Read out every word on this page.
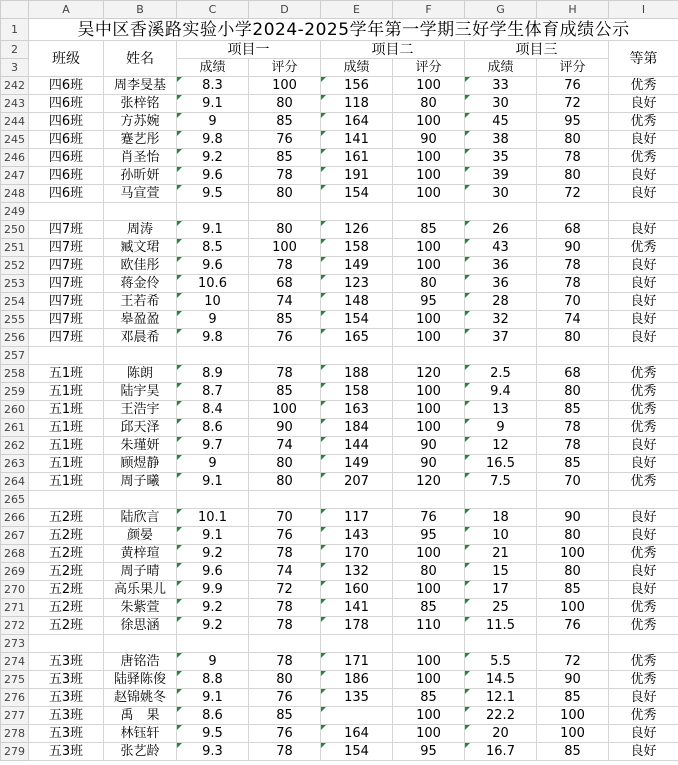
	A	B	C	D	E	F	G	H	I
1	吴中区香溪路实验小学2024-2025学年第一学期三好学生体育成绩公示								
2	班级	姓名	项目一		项目二		项目三		等第
3			成绩	评分	成绩	评分	成绩	评分	
242	四6班	周李旻基	8.3	100	156	100	33	76	优秀
243	四6班	张梓铭	9.1	80	118	80	30	72	良好
244	四6班	方苏婉	9	85	164	100	45	95	优秀
245	四6班	蹇艺彤	9.8	76	141	90	38	80	良好
246	四6班	肖圣怡	9.2	85	161	100	35	78	优秀
247	四6班	孙昕妍	9.6	78	191	100	39	80	良好
248	四6班	马宣萱	9.5	80	154	100	30	72	良好
249									
250	四7班	周涛	9.1	80	126	85	26	68	良好
251	四7班	臧文珺	8.5	100	158	100	43	90	优秀
252	四7班	欧佳彤	9.6	78	149	100	36	78	良好
253	四7班	蒋金伶	10.6	68	123	80	36	78	良好
254	四7班	王若希	10	74	148	95	28	70	良好
255	四7班	皋盈盈	9	85	154	100	32	74	良好
256	四7班	邓晨希	9.8	76	165	100	37	80	良好
257									
258	五1班	陈朗	8.9	78	188	120	2.5	68	优秀
259	五1班	陆宇昊	8.7	85	158	100	9.4	80	优秀
260	五1班	王浩宇	8.4	100	163	100	13	85	优秀
261	五1班	邱天泽	8.6	90	184	100	9	78	优秀
262	五1班	朱瑾妍	9.7	74	144	90	12	78	良好
263	五1班	顾煜静	9	80	149	90	16.5	85	良好
264	五1班	周子曦	9.1	80	207	120	7.5	70	优秀
265									
266	五2班	陆欣言	10.1	70	117	76	18	90	良好
267	五2班	颜晏	9.1	76	143	95	10	80	良好
268	五2班	黄梓瑄	9.2	78	170	100	21	100	优秀
269	五2班	周子晴	9.6	74	132	80	15	80	良好
270	五2班	高乐果儿	9.9	72	160	100	17	85	良好
271	五2班	朱紫萱	9.2	78	141	85	25	100	优秀
272	五2班	徐思涵	9.2	78	178	110	11.5	76	优秀
273									
274	五3班	唐铭浩	9	78	171	100	5.5	72	优秀
275	五3班	陆驿陈俊	8.8	80	186	100	14.5	90	优秀
276	五3班	赵锦姚冬	9.1	76	135	85	12.1	85	良好
277	五3班	禹　果	8.6	85		100	22.2	100	优秀
278	五3班	林钰轩	9.5	76	164	100	20	100	良好
279	五3班	张艺龄	9.3	78	154	95	16.7	85	良好
